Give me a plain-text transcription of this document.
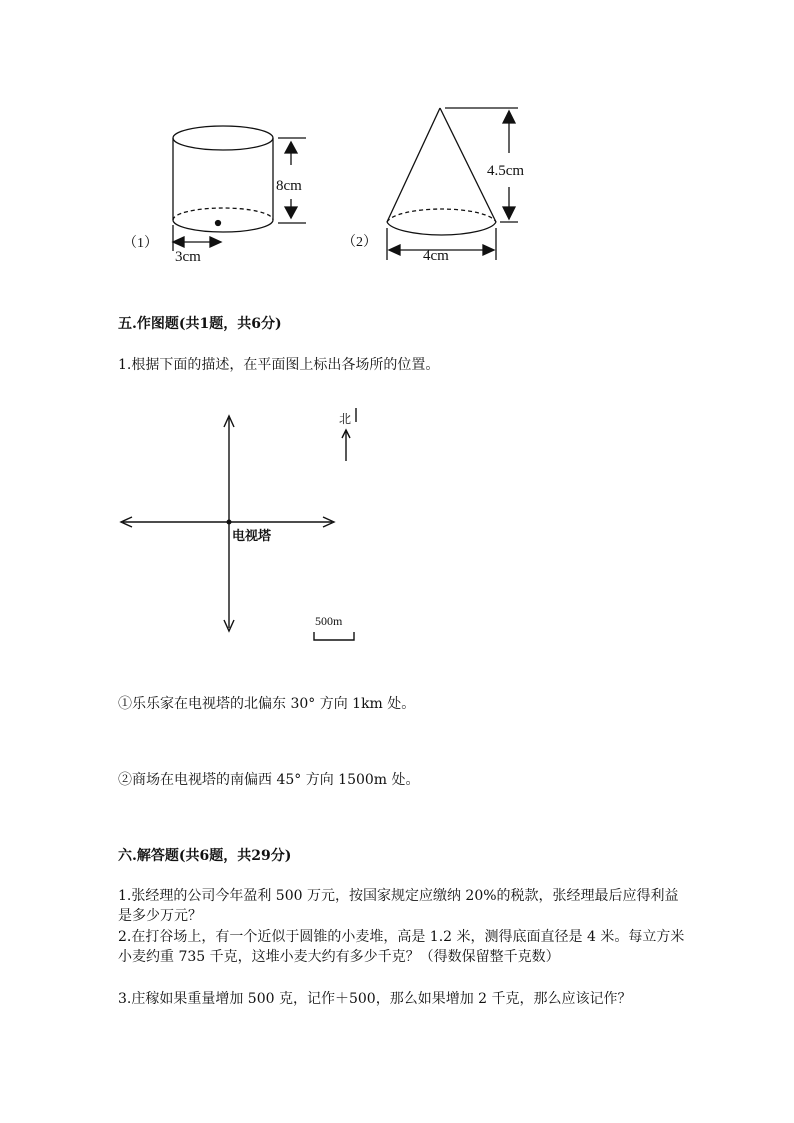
（1）
8cm
3cm
（2）
4.5cm
4cm
五.作图题(共1题，共6分)
1.根据下面的描述，在平面图上标出各场所的位置。
电视塔
北
500m
①乐乐家在电视塔的北偏东 30° 方向 1km 处。
②商场在电视塔的南偏西 45° 方向 1500m 处。
六.解答题(共6题，共29分)
1.张经理的公司今年盈利 500 万元，按国家规定应缴纳 20%的税款，张经理最后应得利益是多少万元？
2.在打谷场上，有一个近似于圆锥的小麦堆，高是 1.2 米，测得底面直径是 4 米。每立方米小麦约重 735 千克，这堆小麦大约有多少千克？（得数保留整千克数）
3.庄稼如果重量增加 500 克，记作＋500，那么如果增加 2 千克，那么应该记作？
